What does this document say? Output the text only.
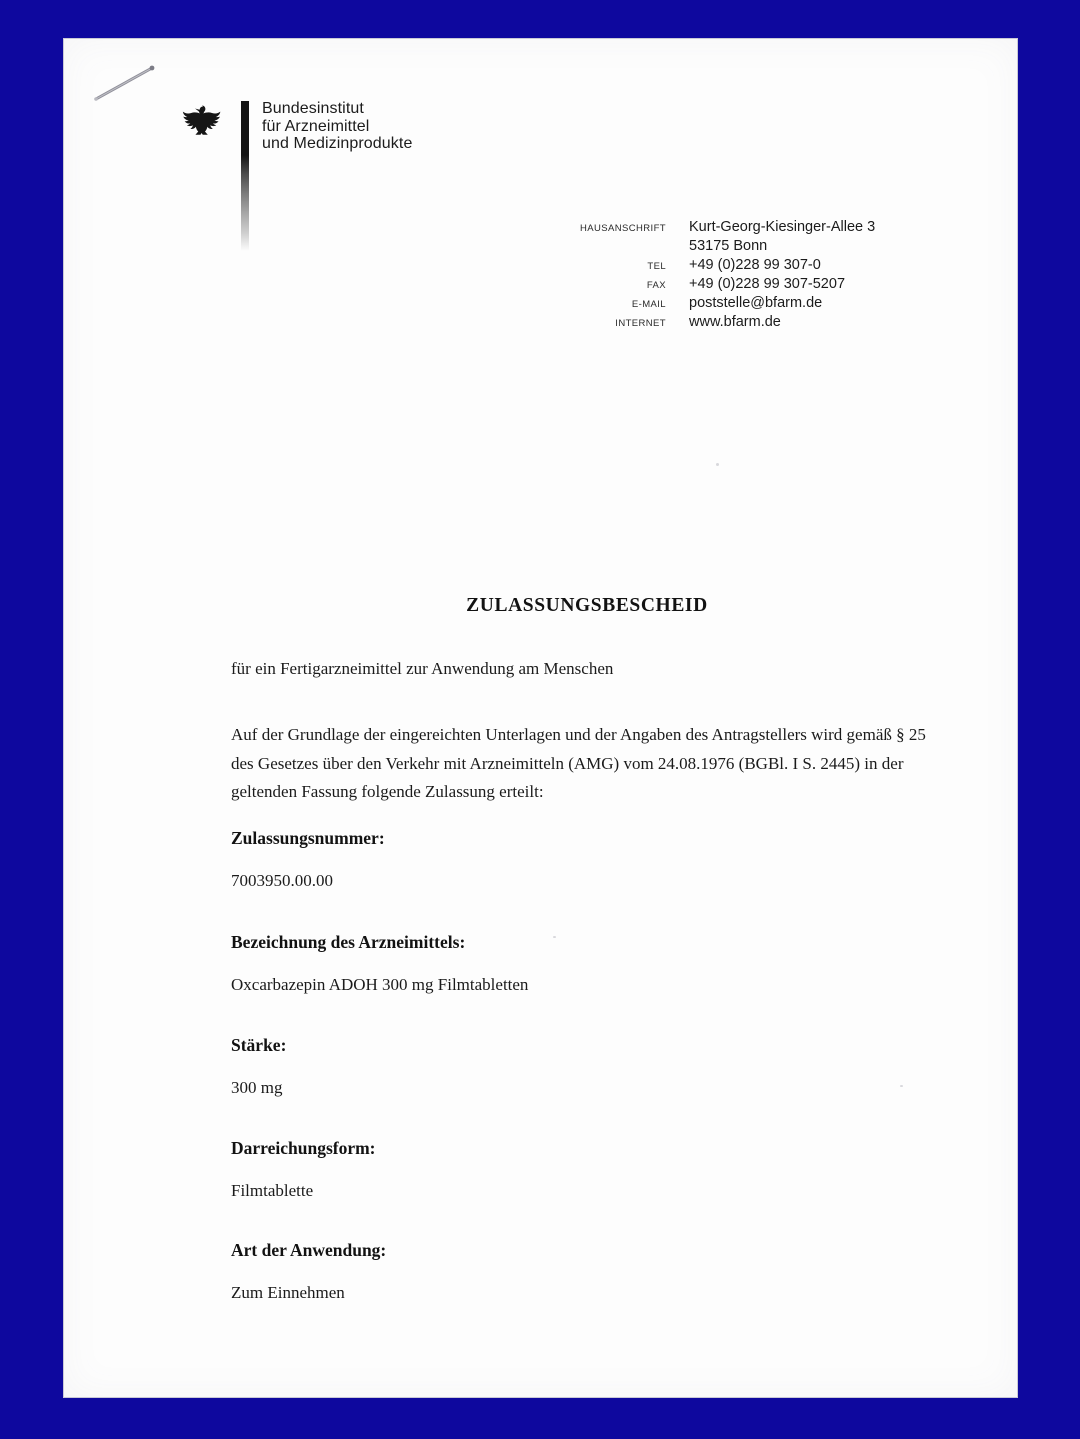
Bundesinstitut
für Arzneimittel
und Medizinprodukte
HAUSANSCHRIFT	Kurt-Georg-Kiesinger-Allee 3
53175 Bonn
TEL	+49 (0)228 99 307-0
FAX	+49 (0)228 99 307-5207
E-MAIL	poststelle@bfarm.de
INTERNET	www.bfarm.de
ZULASSUNGSBESCHEID

für ein Fertigarzneimittel zur Anwendung am Menschen

Auf der Grundlage der eingereichten Unterlagen und der Angaben des Antragstellers wird gemäß § 25 des Gesetzes über den Verkehr mit Arzneimitteln (AMG) vom 24.08.1976 (BGBl. I S. 2445) in der geltenden Fassung folgende Zulassung erteilt:

Zulassungsnummer:

7003950.00.00

Bezeichnung des Arzneimittels:

Oxcarbazepin ADOH 300 mg Filmtabletten

Stärke:

300 mg

Darreichungsform:

Filmtablette

Art der Anwendung:

Zum Einnehmen
